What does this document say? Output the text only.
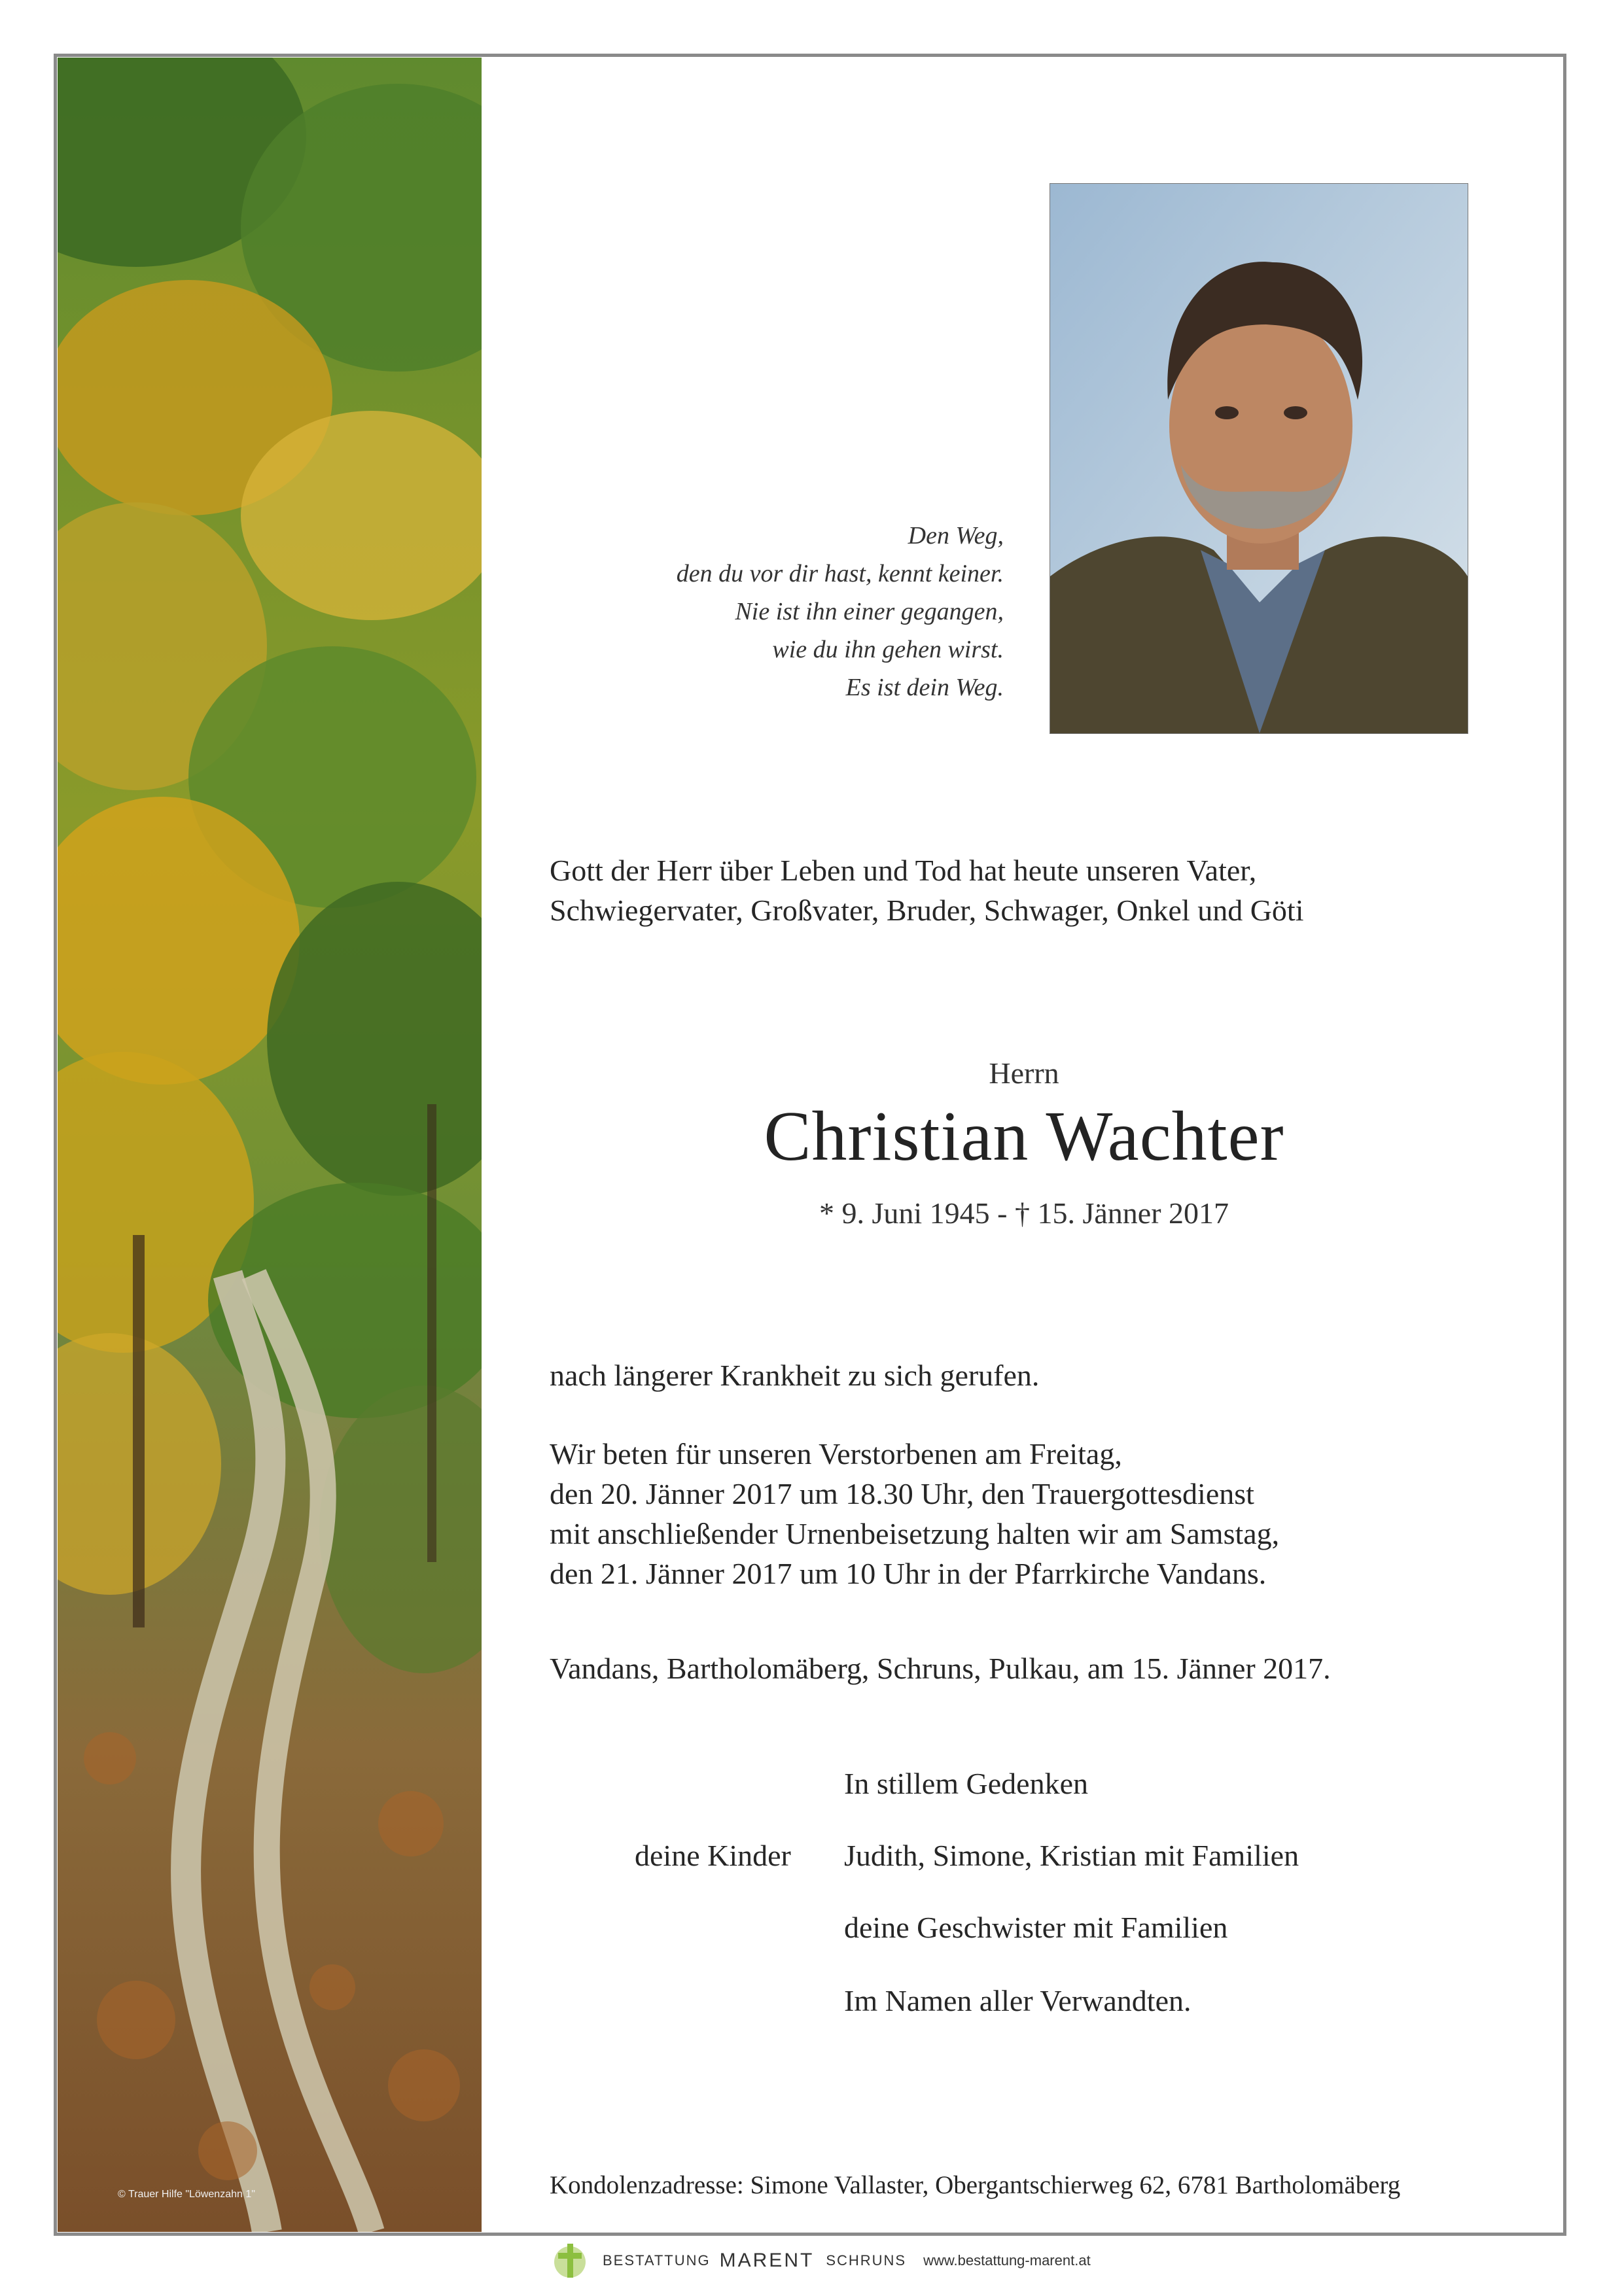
© Trauer Hilfe "Löwenzahn 1"
Den Weg,
den du vor dir hast, kennt keiner.
Nie ist ihn einer gegangen,
wie du ihn gehen wirst.
Es ist dein Weg.
Gott der Herr über Leben und Tod hat heute unseren Vater,
Schwiegervater, Großvater, Bruder, Schwager, Onkel und Göti
Herrn
Christian Wachter
* 9. Juni 1945 - † 15. Jänner 2017
nach längerer Krankheit zu sich gerufen.
Wir beten für unseren Verstorbenen am Freitag,
den 20. Jänner 2017 um 18.30 Uhr, den Trauergottesdienst
mit anschließender Urnenbeisetzung halten wir am Samstag,
den 21. Jänner 2017 um 10 Uhr in der Pfarrkirche Vandans.
Vandans, Bartholomäberg, Schruns, Pulkau, am 15. Jänner 2017.
In stillem Gedenken
deine Kinder Judith, Simone, Kristian mit Familien
deine Geschwister mit Familien
Im Namen aller Verwandten.
Kondolenzadresse: Simone Vallaster, Obergantschierweg 62, 6781 Bartholomäberg
BESTATTUNG MARENT SCHRUNS www.bestattung-marent.at
